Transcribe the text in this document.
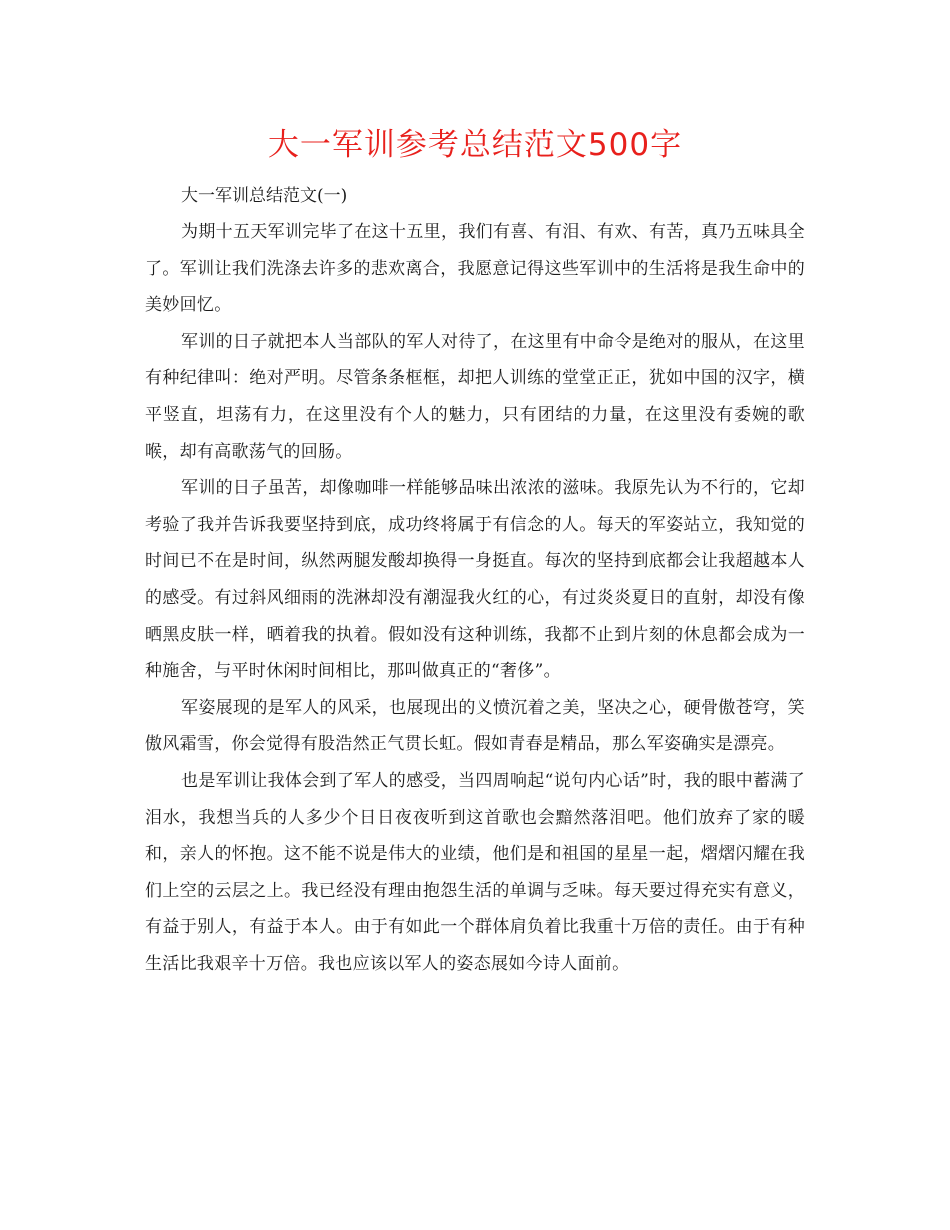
大一军训参考总结范文500字

大一军训总结范文(一)

为期十五天军训完毕了在这十五里，我们有喜、有泪、有欢、有苦，真乃五味具全了。军训让我们洗涤去许多的悲欢离合，我愿意记得这些军训中的生活将是我生命中的美妙回忆。

军训的日子就把本人当部队的军人对待了，在这里有中命令是绝对的服从，在这里有种纪律叫：绝对严明。尽管条条框框，却把人训练的堂堂正正，犹如中国的汉字，横平竖直，坦荡有力，在这里没有个人的魅力，只有团结的力量，在这里没有委婉的歌喉，却有高歌荡气的回肠。

军训的日子虽苦，却像咖啡一样能够品味出浓浓的滋味。我原先认为不行的，它却考验了我并告诉我要坚持到底，成功终将属于有信念的人。每天的军姿站立，我知觉的时间已不在是时间，纵然两腿发酸却换得一身挺直。每次的坚持到底都会让我超越本人的感受。有过斜风细雨的洗淋却没有潮湿我火红的心，有过炎炎夏日的直射，却没有像晒黑皮肤一样，晒着我的执着。假如没有这种训练，我都不止到片刻的休息都会成为一种施舍，与平时休闲时间相比，那叫做真正的“奢侈”。

军姿展现的是军人的风采，也展现出的义愤沉着之美，坚决之心，硬骨傲苍穹，笑傲风霜雪，你会觉得有股浩然正气贯长虹。假如青春是精品，那么军姿确实是漂亮。

也是军训让我体会到了军人的感受，当四周响起“说句内心话”时，我的眼中蓄满了泪水，我想当兵的人多少个日日夜夜听到这首歌也会黯然落泪吧。他们放弃了家的暖和，亲人的怀抱。这不能不说是伟大的业绩，他们是和祖国的星星一起，熠熠闪耀在我们上空的云层之上。我已经没有理由抱怨生活的单调与乏味。每天要过得充实有意义，有益于别人，有益于本人。由于有如此一个群体肩负着比我重十万倍的责任。由于有种生活比我艰辛十万倍。我也应该以军人的姿态展如今诗人面前。
